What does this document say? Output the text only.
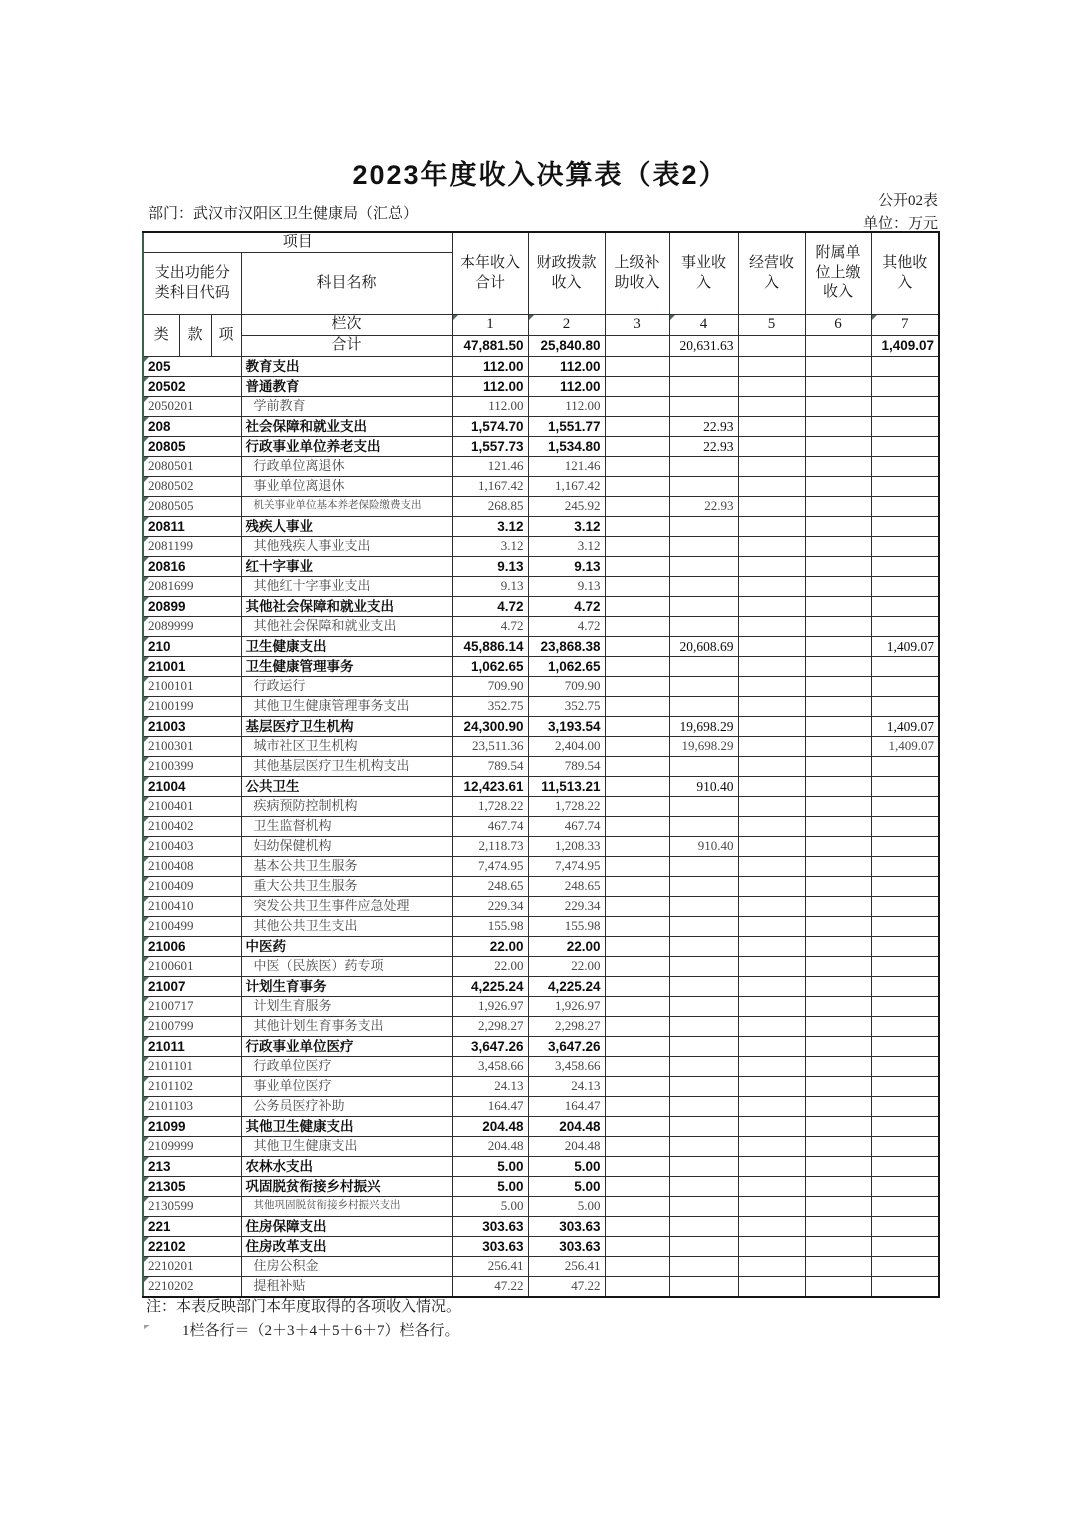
2023年度收入决算表（表2）
公开02表
部门：武汉市汉阳区卫生健康局（汇总）
单位：万元
项目				本年收入合计	财政拨款收入	上级补助收入	事业收入	经营收入	附属单位上缴收入	其他收入
支出功能分类科目代码			科目名称							
类	款	项	栏次	1	2	3	4	5	6	7
			合计	47,881.50	25,840.80		20,631.63			1,409.07
205			教育支出	112.00	112.00					
20502			普通教育	112.00	112.00					
2050201			学前教育	112.00	112.00					
208			社会保障和就业支出	1,574.70	1,551.77		22.93			
20805			行政事业单位养老支出	1,557.73	1,534.80		22.93			
2080501			行政单位离退休	121.46	121.46					
2080502			事业单位离退休	1,167.42	1,167.42					
2080505			机关事业单位基本养老保险缴费支出	268.85	245.92		22.93			
20811			残疾人事业	3.12	3.12					
2081199			其他残疾人事业支出	3.12	3.12					
20816			红十字事业	9.13	9.13					
2081699			其他红十字事业支出	9.13	9.13					
20899			其他社会保障和就业支出	4.72	4.72					
2089999			其他社会保障和就业支出	4.72	4.72					
210			卫生健康支出	45,886.14	23,868.38		20,608.69			1,409.07
21001			卫生健康管理事务	1,062.65	1,062.65					
2100101			行政运行	709.90	709.90					
2100199			其他卫生健康管理事务支出	352.75	352.75					
21003			基层医疗卫生机构	24,300.90	3,193.54		19,698.29			1,409.07
2100301			城市社区卫生机构	23,511.36	2,404.00		19,698.29			1,409.07
2100399			其他基层医疗卫生机构支出	789.54	789.54					
21004			公共卫生	12,423.61	11,513.21		910.40			
2100401			疾病预防控制机构	1,728.22	1,728.22					
2100402			卫生监督机构	467.74	467.74					
2100403			妇幼保健机构	2,118.73	1,208.33		910.40			
2100408			基本公共卫生服务	7,474.95	7,474.95					
2100409			重大公共卫生服务	248.65	248.65					
2100410			突发公共卫生事件应急处理	229.34	229.34					
2100499			其他公共卫生支出	155.98	155.98					
21006			中医药	22.00	22.00					
2100601			中医（民族医）药专项	22.00	22.00					
21007			计划生育事务	4,225.24	4,225.24					
2100717			计划生育服务	1,926.97	1,926.97					
2100799			其他计划生育事务支出	2,298.27	2,298.27					
21011			行政事业单位医疗	3,647.26	3,647.26					
2101101			行政单位医疗	3,458.66	3,458.66					
2101102			事业单位医疗	24.13	24.13					
2101103			公务员医疗补助	164.47	164.47					
21099			其他卫生健康支出	204.48	204.48					
2109999			其他卫生健康支出	204.48	204.48					
213			农林水支出	5.00	5.00					
21305			巩固脱贫衔接乡村振兴	5.00	5.00					
2130599			其他巩固脱贫衔接乡村振兴支出	5.00	5.00					
221			住房保障支出	303.63	303.63					
22102			住房改革支出	303.63	303.63					
2210201			住房公积金	256.41	256.41					
2210202			提租补贴	47.22	47.22					
注：本表反映部门本年度取得的各项收入情况。
1栏各行＝（2＋3＋4＋5＋6＋7）栏各行。
